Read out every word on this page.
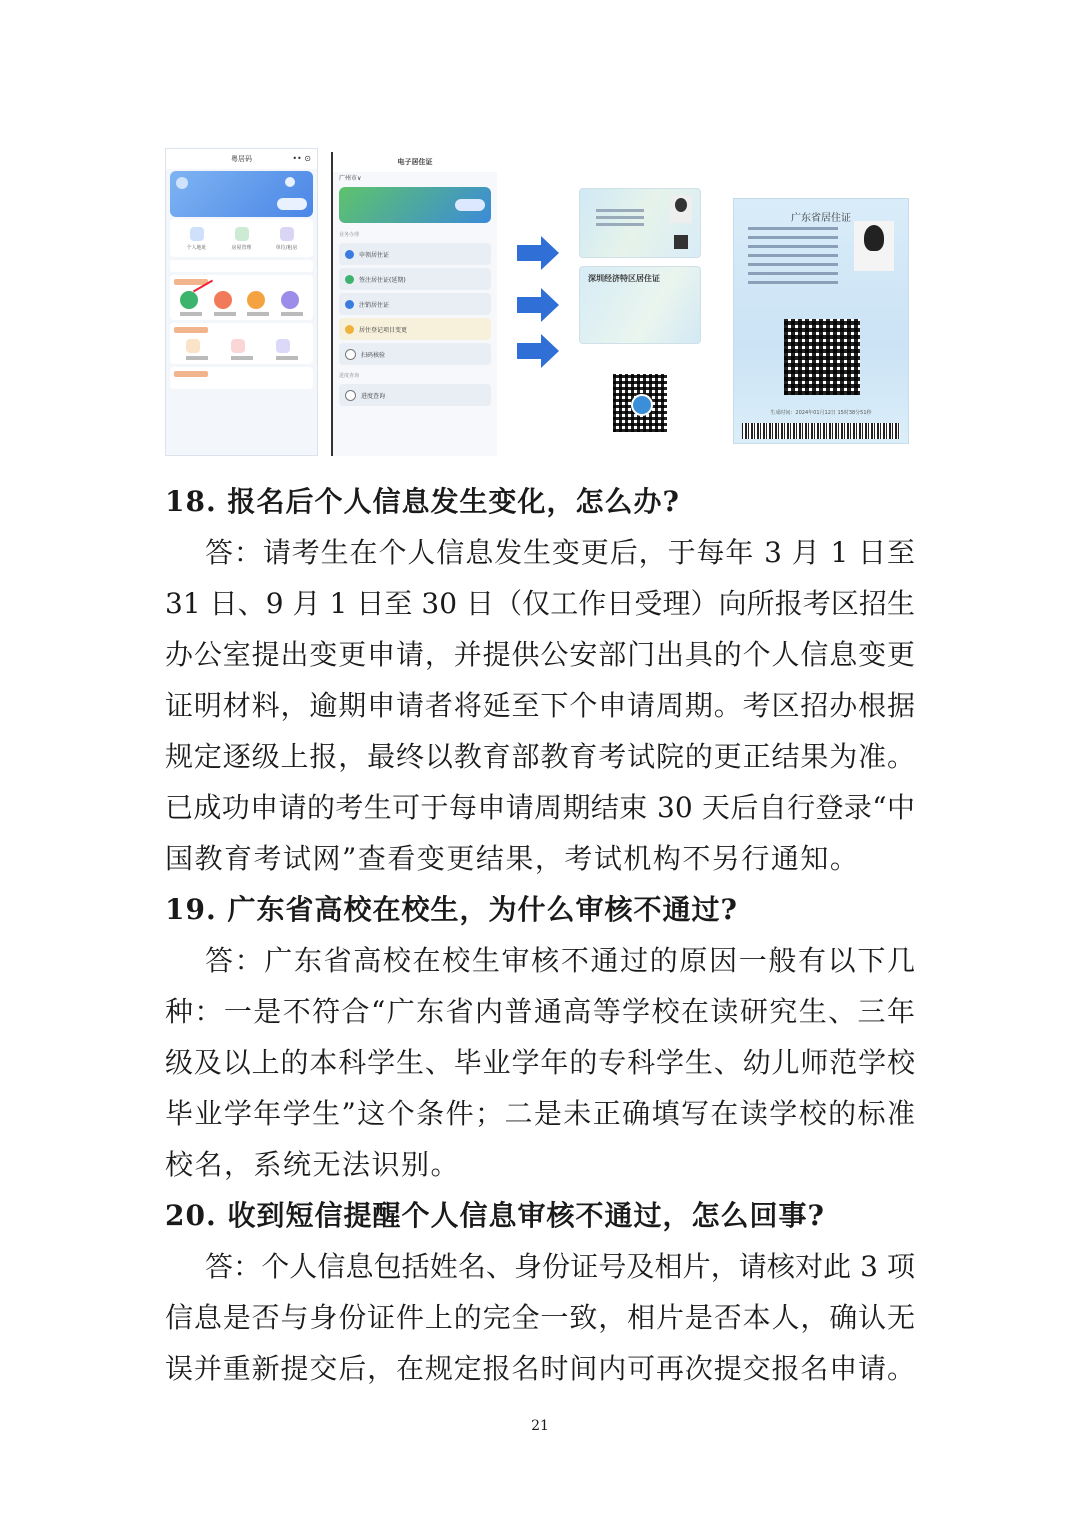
粤居码	•• ⊙
个人地址	房屋管理	单位/租房
电子居住证
广州市∨
业务办理
申领居住证
签注居住证(延期)
注销居住证
居住登记项目变更
扫码核验
进度查询
进度查询
深圳经济特区居住证
广东省居住证
生成时间：2024年01月12日 15时38分51秒
18. 报名后个人信息发生变化，怎么办?

答：请考生在个人信息发生变更后，于每年 3 月 1 日至

31 日、9 月 1 日至 30 日（仅工作日受理）向所报考区招生

办公室提出变更申请，并提供公安部门出具的个人信息变更

证明材料，逾期申请者将延至下个申请周期。考区招办根据

规定逐级上报，最终以教育部教育考试院的更正结果为准。

已成功申请的考生可于每申请周期结束 30 天后自行登录“中

国教育考试网”查看变更结果，考试机构不另行通知。

19. 广东省高校在校生，为什么审核不通过?

答：广东省高校在校生审核不通过的原因一般有以下几

种：一是不符合“广东省内普通高等学校在读研究生、三年

级及以上的本科学生、毕业学年的专科学生、幼儿师范学校

毕业学年学生”这个条件；二是未正确填写在读学校的标准

校名，系统无法识别。

20. 收到短信提醒个人信息审核不通过，怎么回事?

答：个人信息包括姓名、身份证号及相片，请核对此 3 项

信息是否与身份证件上的完全一致，相片是否本人，确认无

误并重新提交后，在规定报名时间内可再次提交报名申请。

21
